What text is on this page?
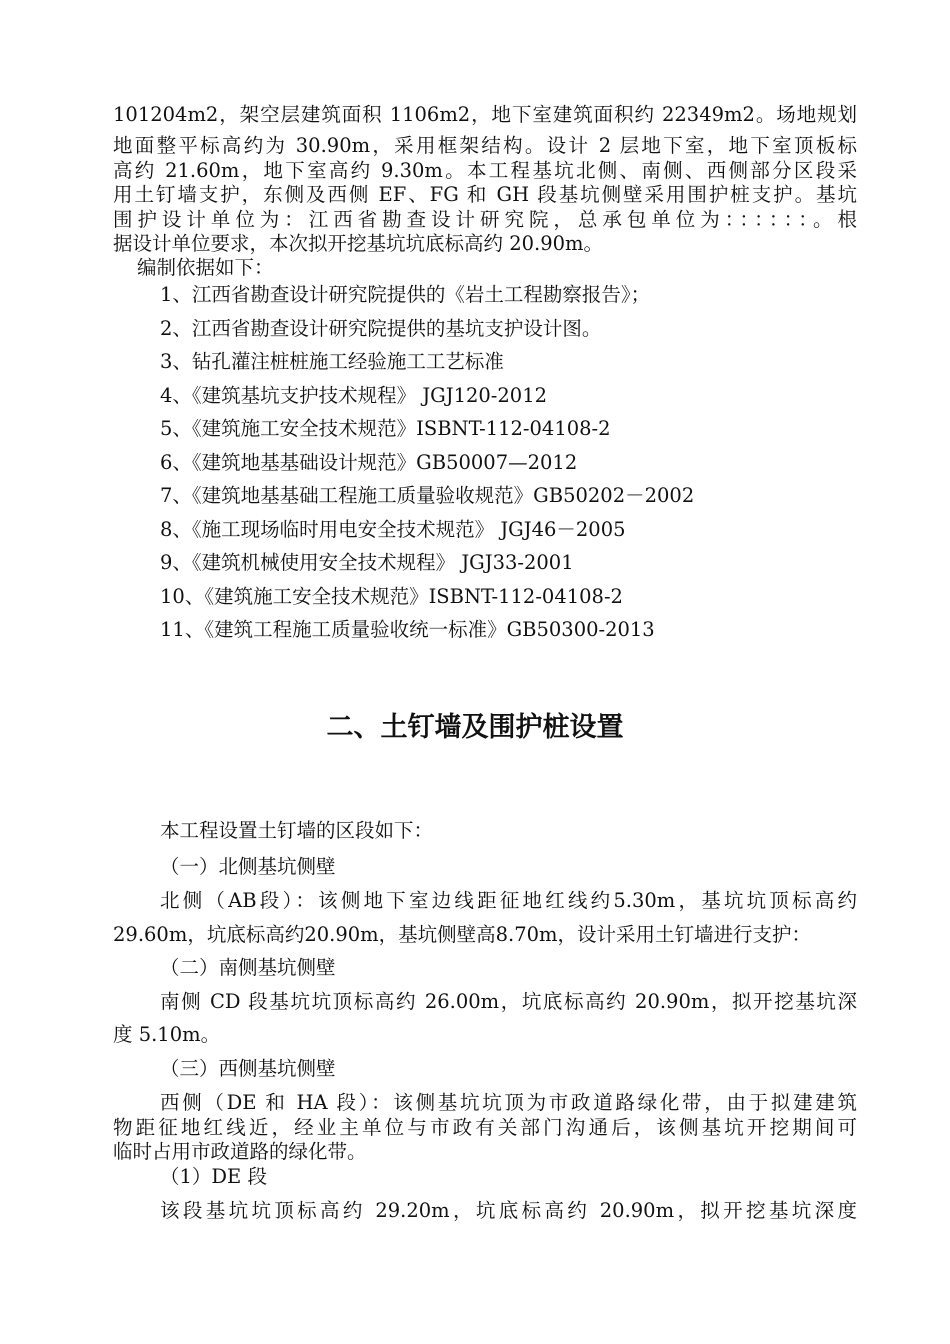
101204m2，架空层建筑面积 1106m2，地下室建筑面积约 22349m2。场地规划
地面整平标高约为 30.90m，采用框架结构。设计 2 层地下室，地下室顶板标
高约 21.60m，地下室高约 9.30m。本工程基坑北侧、南侧、西侧部分区段采
用土钉墙支护，东侧及西侧 EF、FG 和 GH 段基坑侧壁采用围护桩支护。基坑
围护设计单位为：江西省勘查设计研究院，总承包单位为：：：：：：。根
据设计单位要求，本次拟开挖基坑坑底标高约 20.90m。
编制依据如下：
1、江西省勘查设计研究院提供的《岩土工程勘察报告》；
2、江西省勘查设计研究院提供的基坑支护设计图。
3、钻孔灌注桩桩施工经验施工工艺标准
4、《建筑基坑支护技术规程》 JGJ120-2012
5、《建筑施工安全技术规范》ISBNT-112-04108-2
6、《建筑地基基础设计规范》GB50007—2012
7、《建筑地基基础工程施工质量验收规范》GB50202－2002
8、《施工现场临时用电安全技术规范》 JGJ46－2005
9、《建筑机械使用安全技术规程》 JGJ33-2001
10、《建筑施工安全技术规范》ISBNT-112-04108-2
11、《建筑工程施工质量验收统一标准》GB50300-2013
二、土钉墙及围护桩设置
本工程设置土钉墙的区段如下：
（一）北侧基坑侧壁
北侧（AB段）：该侧地下室边线距征地红线约5.30m，基坑坑顶标高约
29.60m，坑底标高约20.90m，基坑侧壁高8.70m，设计采用土钉墙进行支护：
（二）南侧基坑侧壁
南侧 CD 段基坑坑顶标高约 26.00m，坑底标高约 20.90m，拟开挖基坑深
度 5.10m。
（三）西侧基坑侧壁
西侧（DE 和 HA 段）：该侧基坑坑顶为市政道路绿化带，由于拟建建筑
物距征地红线近，经业主单位与市政有关部门沟通后，该侧基坑开挖期间可
临时占用市政道路的绿化带。
（1）DE 段
该段基坑坑顶标高约 29.20m，坑底标高约 20.90m，拟开挖基坑深度
